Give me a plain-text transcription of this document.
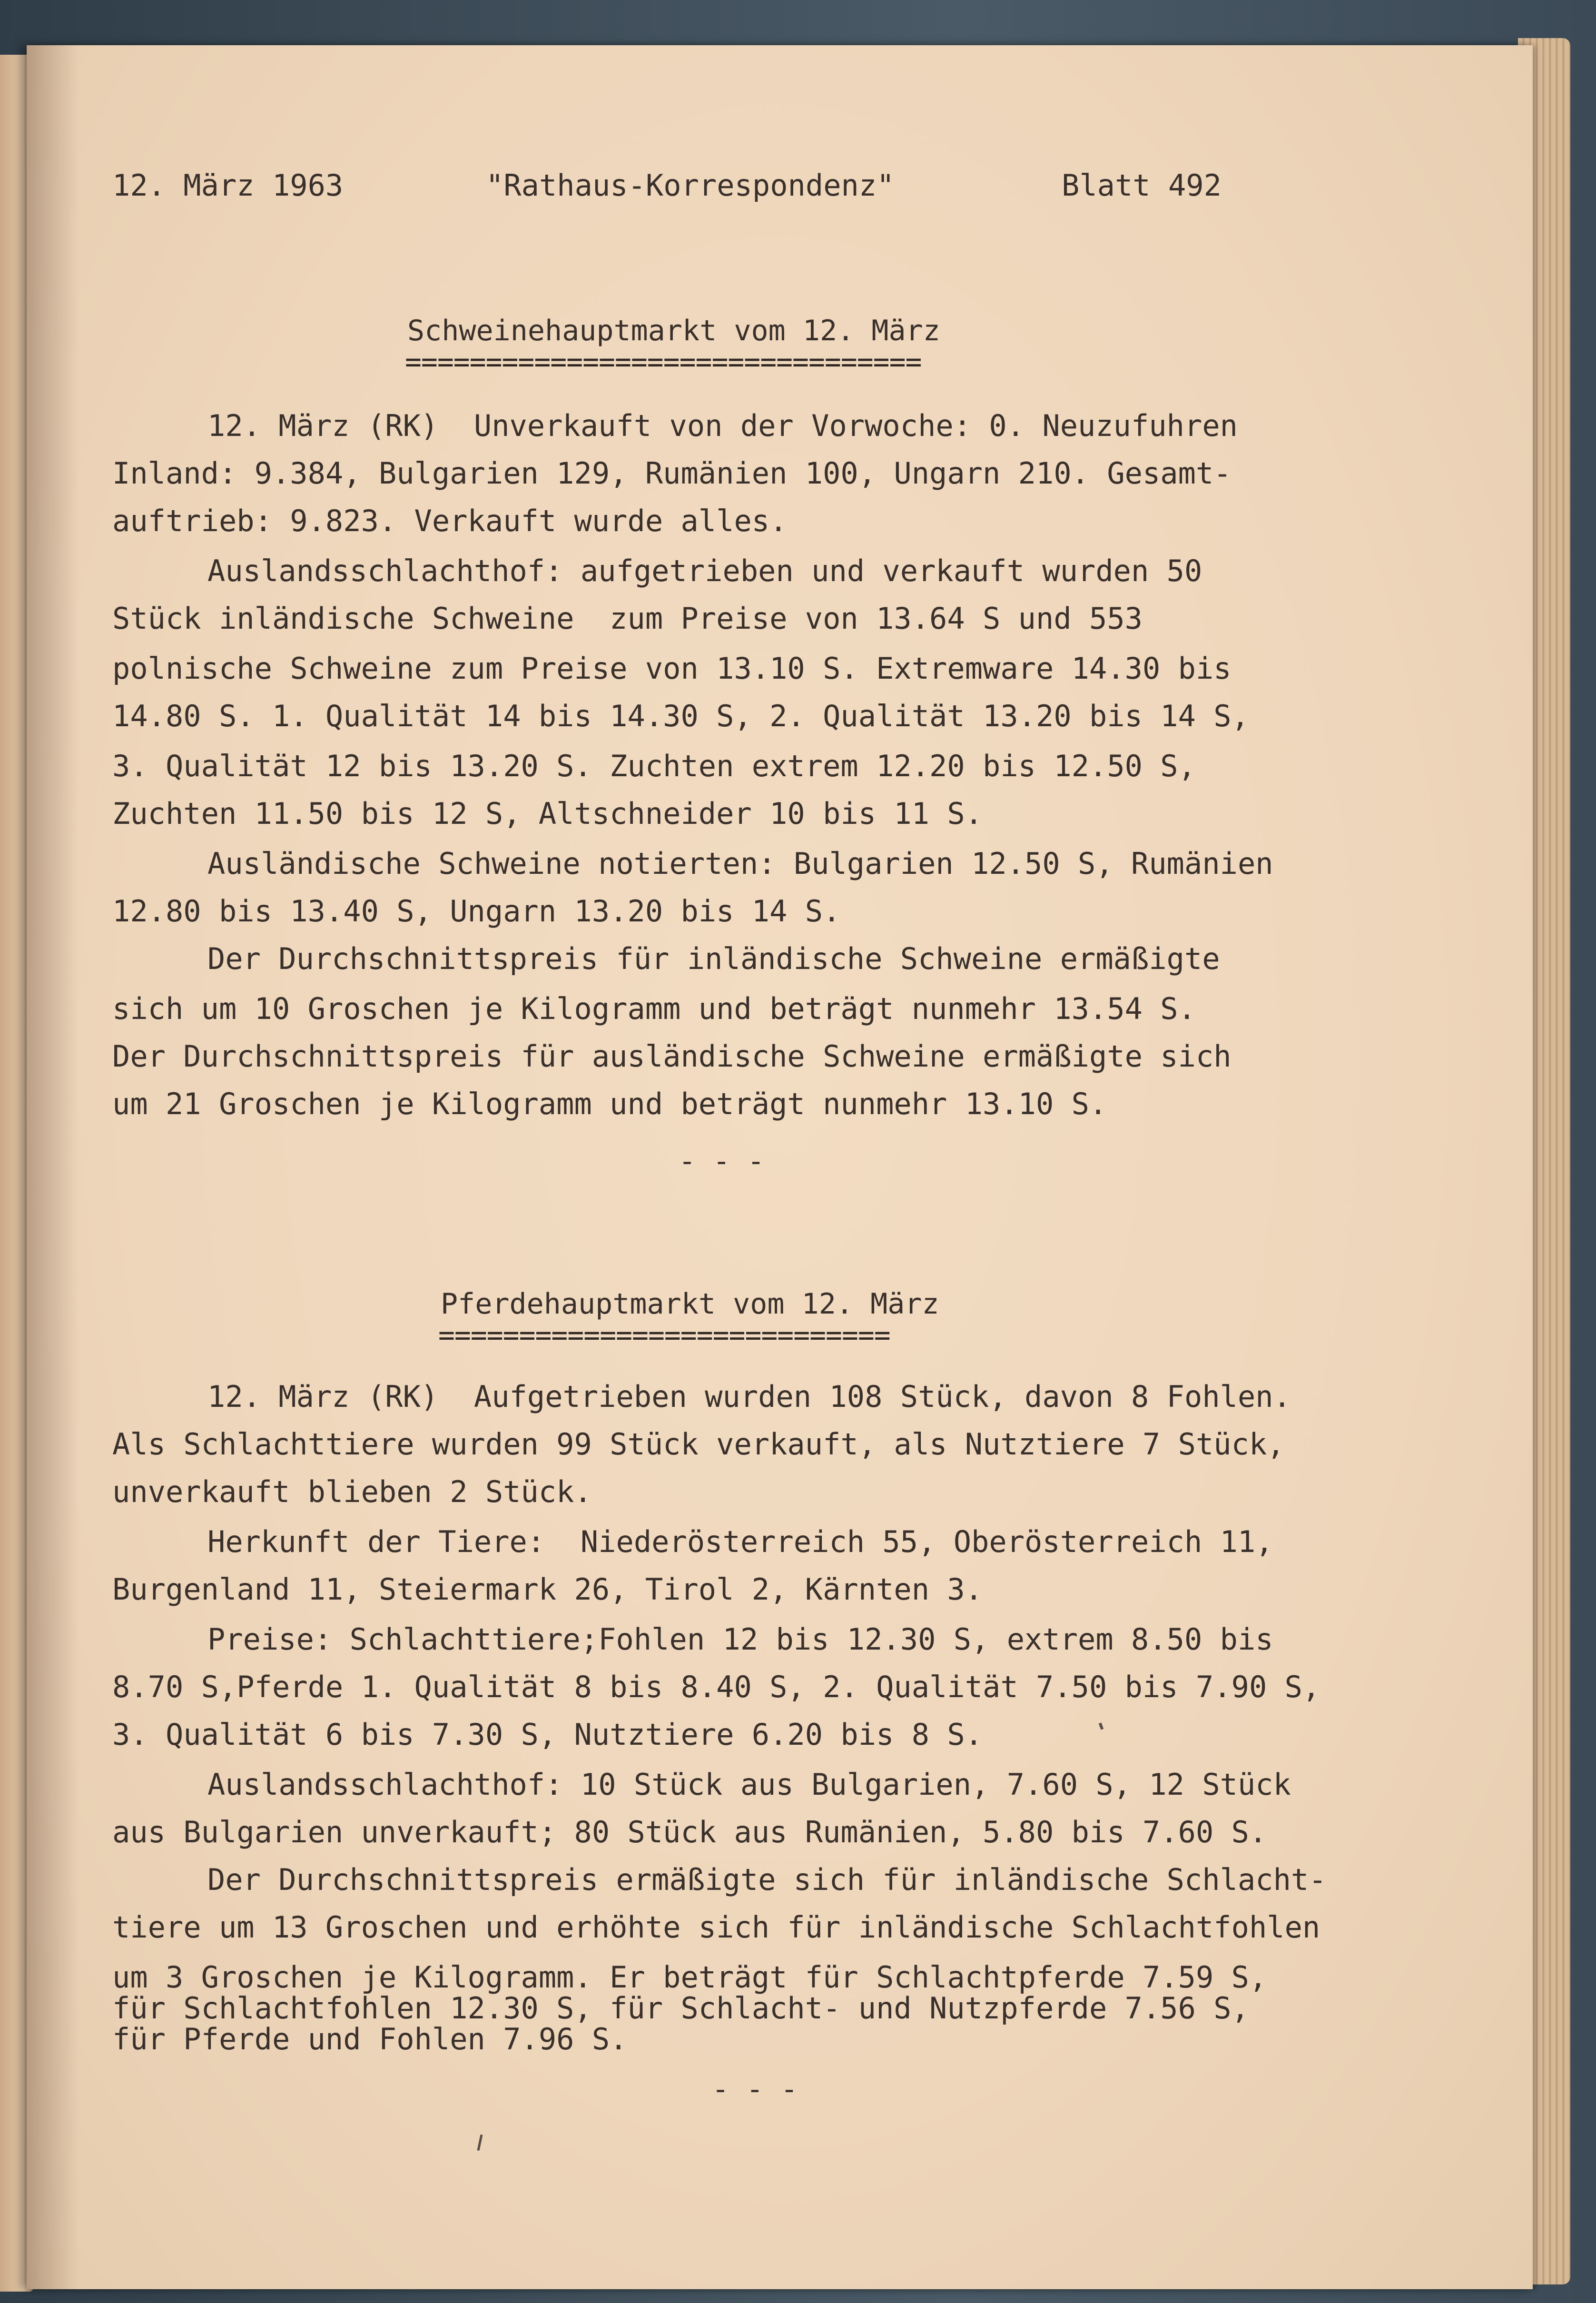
12. März 1963	"Rathaus-Korrespondenz"	Blatt 492
Schweinehauptmarkt vom 12. März
================================
12. März (RK)  Unverkauft von der Vorwoche: 0. Neuzufuhren
Inland: 9.384, Bulgarien 129, Rumänien 100, Ungarn 210. Gesamt-
auftrieb: 9.823. Verkauft wurde alles.
Auslandsschlachthof: aufgetrieben und verkauft wurden 50
Stück inländische Schweine  zum Preise von 13.64 S und 553
polnische Schweine zum Preise von 13.10 S. Extremware 14.30 bis
14.80 S. 1. Qualität 14 bis 14.30 S, 2. Qualität 13.20 bis 14 S,
3. Qualität 12 bis 13.20 S. Zuchten extrem 12.20 bis 12.50 S,
Zuchten 11.50 bis 12 S, Altschneider 10 bis 11 S.
Ausländische Schweine notierten: Bulgarien 12.50 S, Rumänien
12.80 bis 13.40 S, Ungarn 13.20 bis 14 S.
Der Durchschnittspreis für inländische Schweine ermäßigte
sich um 10 Groschen je Kilogramm und beträgt nunmehr 13.54 S.
Der Durchschnittspreis für ausländische Schweine ermäßigte sich
um 21 Groschen je Kilogramm und beträgt nunmehr 13.10 S.
- - -
Pferdehauptmarkt vom 12. März
============================
12. März (RK)  Aufgetrieben wurden 108 Stück, davon 8 Fohlen.
Als Schlachttiere wurden 99 Stück verkauft, als Nutztiere 7 Stück,
unverkauft blieben 2 Stück.
Herkunft der Tiere:  Niederösterreich 55, Oberösterreich 11,
Burgenland 11, Steiermark 26, Tirol 2, Kärnten 3.
Preise: Schlachttiere;Fohlen 12 bis 12.30 S, extrem 8.50 bis
8.70 S,Pferde 1. Qualität 8 bis 8.40 S, 2. Qualität 7.50 bis 7.90 S,
3. Qualität 6 bis 7.30 S, Nutztiere 6.20 bis 8 S.
Auslandsschlachthof: 10 Stück aus Bulgarien, 7.60 S, 12 Stück
aus Bulgarien unverkauft; 80 Stück aus Rumänien, 5.80 bis 7.60 S.
Der Durchschnittspreis ermäßigte sich für inländische Schlacht-
tiere um 13 Groschen und erhöhte sich für inländische Schlachtfohlen
um 3 Groschen je Kilogramm. Er beträgt für Schlachtpferde 7.59 S,
für Schlachtfohlen 12.30 S, für Schlacht- und Nutzpferde 7.56 S,
für Pferde und Fohlen 7.96 S.
- - -
